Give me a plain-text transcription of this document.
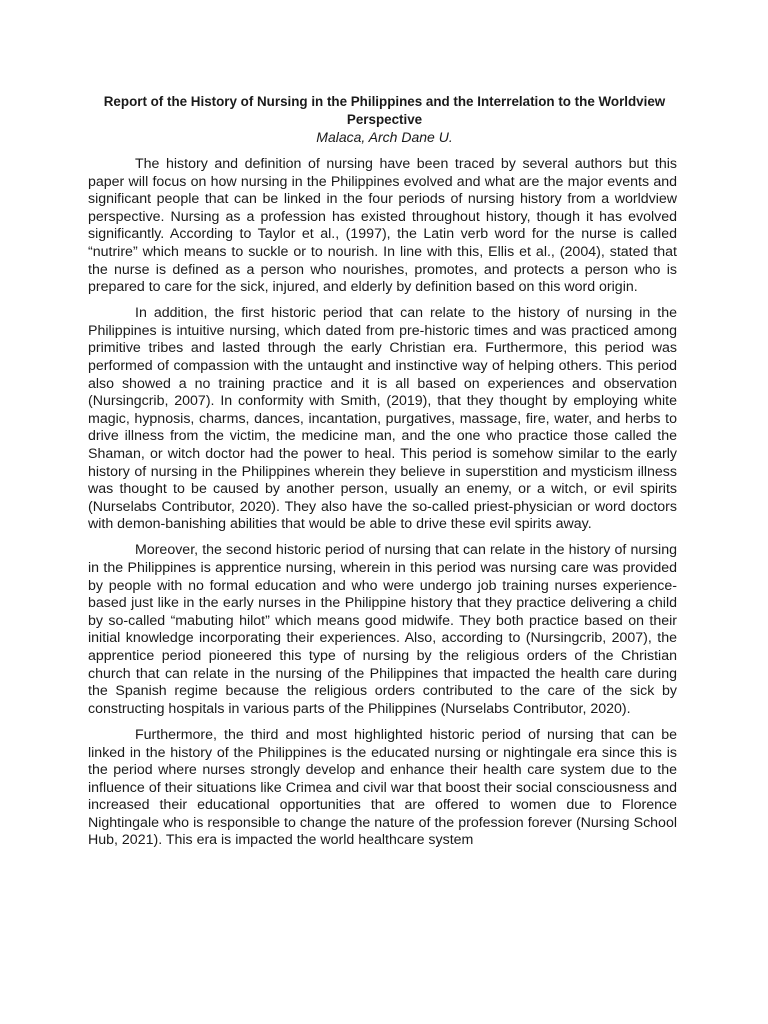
Report of the History of Nursing in the Philippines and the Interrelation to the Worldview Perspective

Malaca, Arch Dane U.

The history and definition of nursing have been traced by several authors but this paper will focus on how nursing in the Philippines evolved and what are the major events and significant people that can be linked in the four periods of nursing history from a worldview perspective. Nursing as a profession has existed throughout history, though it has evolved significantly. According to Taylor et al., (1997), the Latin verb word for the nurse is called “nutrire” which means to suckle or to nourish. In line with this, Ellis et al., (2004), stated that the nurse is defined as a person who nourishes, promotes, and protects a person who is prepared to care for the sick, injured, and elderly by definition based on this word origin.

In addition, the first historic period that can relate to the history of nursing in the Philippines is intuitive nursing, which dated from pre-historic times and was practiced among primitive tribes and lasted through the early Christian era. Furthermore, this period was performed of compassion with the untaught and instinctive way of helping others. This period also showed a no training practice and it is all based on experiences and observation (Nursingcrib, 2007). In conformity with Smith, (2019), that they thought by employing white magic, hypnosis, charms, dances, incantation, purgatives, massage, fire, water, and herbs to drive illness from the victim, the medicine man, and the one who practice those called the Shaman, or witch doctor had the power to heal. This period is somehow similar to the early history of nursing in the Philippines wherein they believe in superstition and mysticism illness was thought to be caused by another person, usually an enemy, or a witch, or evil spirits (Nurselabs Contributor, 2020). They also have the so-called priest-physician or word doctors with demon-banishing abilities that would be able to drive these evil spirits away.

Moreover, the second historic period of nursing that can relate in the history of nursing in the Philippines is apprentice nursing, wherein in this period was nursing care was provided by people with no formal education and who were undergo job training nurses experience-based just like in the early nurses in the Philippine history that they practice delivering a child by so-called “mabuting hilot” which means good midwife. They both practice based on their initial knowledge incorporating their experiences. Also, according to (Nursingcrib, 2007), the apprentice period pioneered this type of nursing by the religious orders of the Christian church that can relate in the nursing of the Philippines that impacted the health care during the Spanish regime because the religious orders contributed to the care of the sick by constructing hospitals in various parts of the Philippines (Nurselabs Contributor, 2020).

Furthermore, the third and most highlighted historic period of nursing that can be linked in the history of the Philippines is the educated nursing or nightingale era since this is the period where nurses strongly develop and enhance their health care system due to the influence of their situations like Crimea and civil war that boost their social consciousness and increased their educational opportunities that are offered to women due to Florence Nightingale who is responsible to change the nature of the profession forever (Nursing School Hub, 2021). This era is impacted the world healthcare system
